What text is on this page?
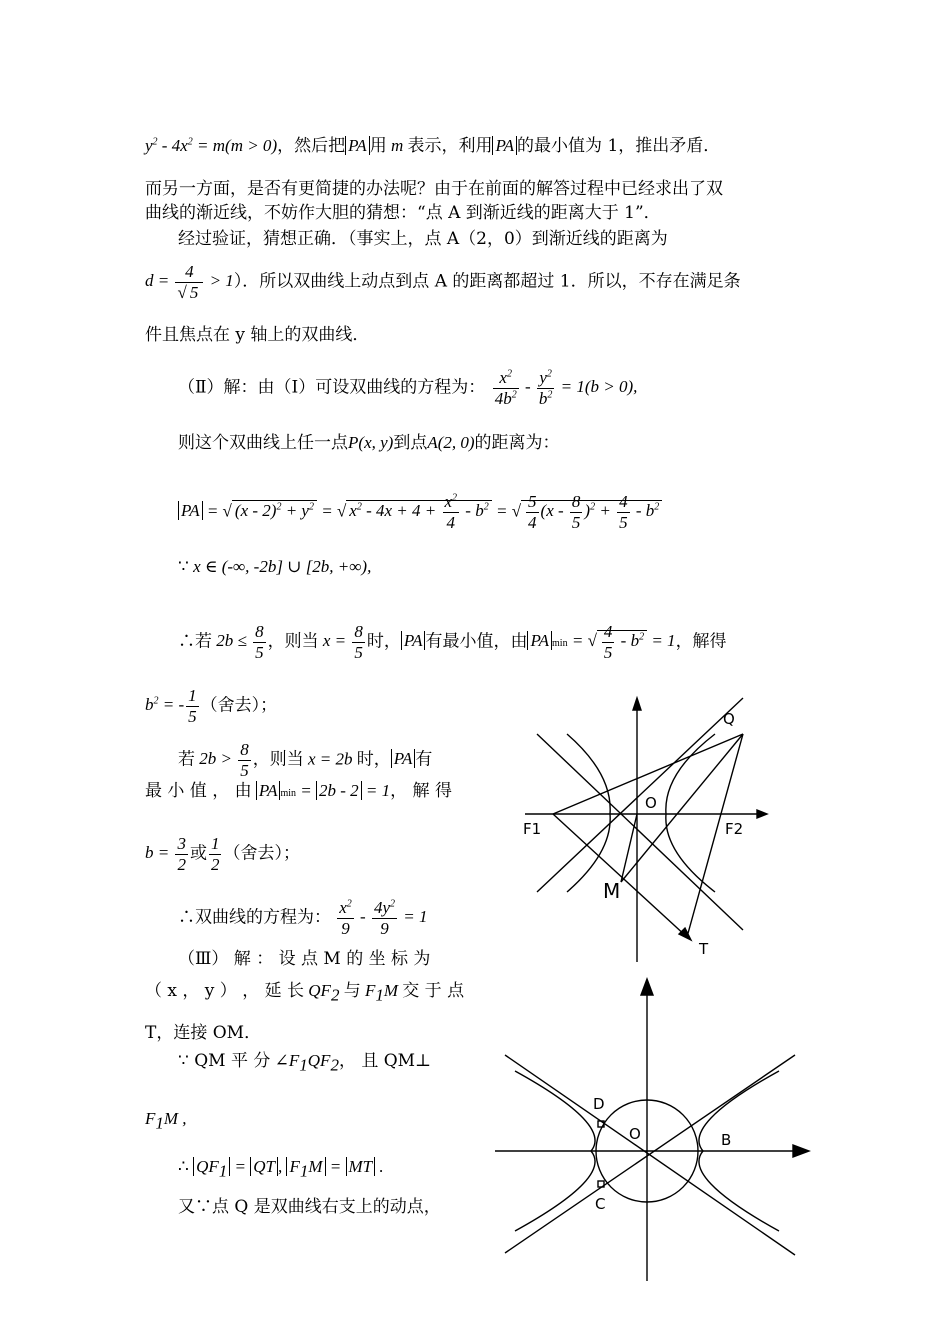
$y^2 - 4x^2 = m(m > 0)$，然后把 PA 用 m 表示，利用 PA 的最小值为 1，推出矛盾．
而另一方面，是否有更简捷的办法呢？由于在前面的解答过程中已经求出了双
曲线的渐近线，不妨作大胆的猜想：“点 A 到渐近线的距离大于 1”．
经过验证，猜想正确．（事实上，点 A（2，0）到渐近线的距离为
$d = \frac{4}{√ 5} > 1$）．所以双曲线上动点到点 A 的距离都超过 1．所以，不存在满足条
件且焦点在 y 轴上的双曲线．
（Ⅱ）解：由（Ⅰ）可设双曲线的方程为： $\frac{x^2}{4b^2} - \frac{y^2}{b^2} = 1(b > 0)$,
则这个双曲线上任一点P(x, y)到点A(2, 0)的距离为：
PA = √ $(x - 2)^2 + y^2$ = √ $x^2 - 4x + 4 + \frac{x^2}{4} - b^2$ = √ $\frac{5}{4} (x - \frac{8}{5} )^2 + \frac{4}{5} - b^2$
∵ x ∈ (-∞, -2b] ∪ [2b, +∞),
∴若 $2b \le \frac{8}{5}$ ，则当 $x = \frac{8}{5}$ 时， PA 有最小值，由 PA min = √ $\frac{4}{5} - b^2 = 1$，解得
$b^2$ = - $\frac{1}{5}$ （舍去）；
若 $2b > \frac{8}{5}$ ，则当 x = 2b 时， PA 有
最 小 值 ， 由 PA min = 2b - 2 = 1， 解 得
$b = \frac{3}{2}$ 或 $\frac{1}{2}$ （舍去）；
∴双曲线的方程为： $\frac{x^2}{9} - \frac{4y^2}{9} = 1$
（Ⅲ） 解 ： 设 点 M 的 坐 标 为
（ x ， y ） ， 延 长 $QF_2$ 与 $F_1M$ 交 于 点
T，连接 OM．
∵ QM 平 分 $\angle F_1QF_2$， 且 QM⊥
$F_1M$ ,
∴ $QF_1$ = QT , $F_1M$ = MT .
又∵点 Q 是双曲线右支上的动点，
Q
O
F1	F2
M
T
D
O	B
C
